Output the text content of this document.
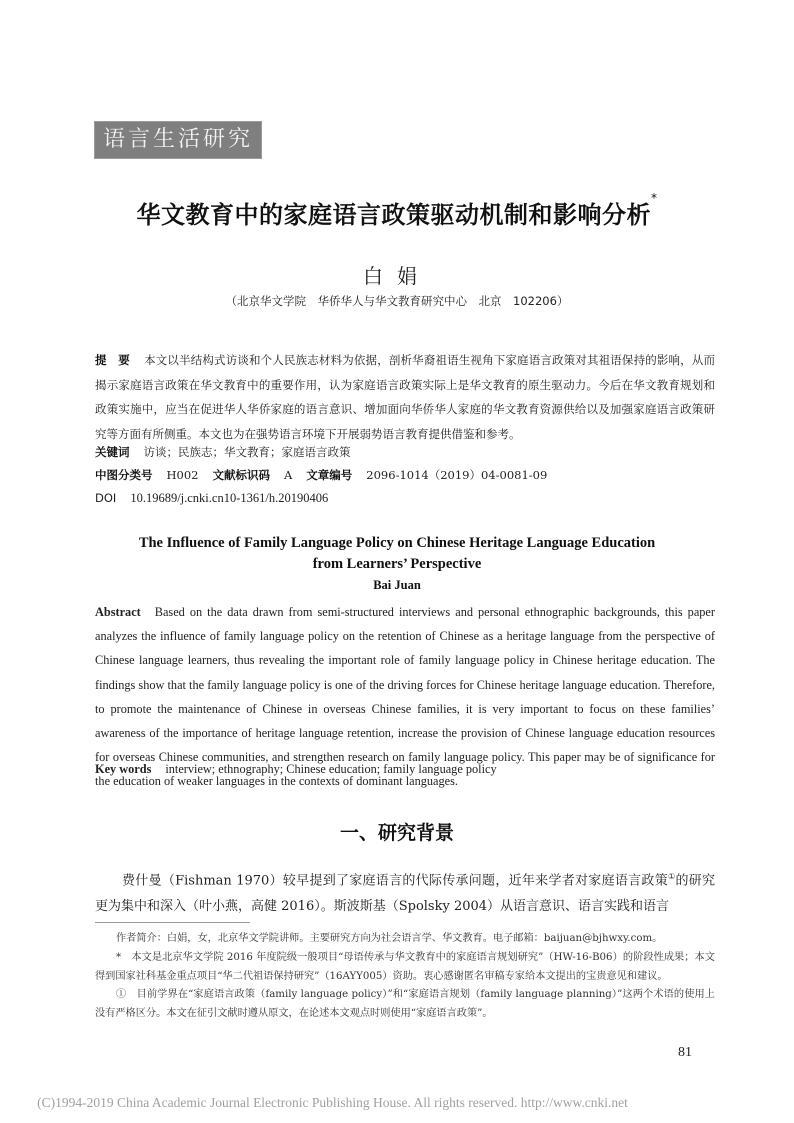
语言生活研究
华文教育中的家庭语言政策驱动机制和影响分析*
白娟
（北京华文学院　华侨华人与华文教育研究中心　北京　102206）
提　要 本文以半结构式访谈和个人民族志材料为依据，剖析华裔祖语生视角下家庭语言政策对其祖语保持的影响，从而揭示家庭语言政策在华文教育中的重要作用，认为家庭语言政策实际上是华文教育的原生驱动力。今后在华文教育规划和政策实施中，应当在促进华人华侨家庭的语言意识、增加面向华侨华人家庭的华文教育资源供给以及加强家庭语言政策研究等方面有所侧重。本文也为在强势语言环境下开展弱势语言教育提供借鉴和参考。
关键词 访谈；民族志；华文教育；家庭语言政策
中图分类号 H002 文献标识码 A 文章编号 2096-1014（2019）04-0081-09
DOI 10.19689/j.cnki.cn10-1361/h.20190406
The Influence of Family Language Policy on Chinese Heritage Language Education
from Learners’ Perspective
Bai Juan
Abstract Based on the data drawn from semi-structured interviews and personal ethnographic backgrounds, this paper analyzes the influence of family language policy on the retention of Chinese as a heritage language from the perspective of Chinese language learners, thus revealing the important role of family language policy in Chinese heritage education. The findings show that the family language policy is one of the driving forces for Chinese heritage language education. Therefore, to promote the maintenance of Chinese in overseas Chinese families, it is very important to focus on these families’ awareness of the importance of heritage language retention, increase the provision of Chinese language education resources for overseas Chinese communities, and strengthen research on family language policy. This paper may be of significance for the education of weaker languages in the contexts of dominant languages.
Key words interview; ethnography; Chinese education; family language policy
一、研究背景
费什曼（Fishman 1970）较早提到了家庭语言的代际传承问题，近年来学者对家庭语言政策①的研究更为集中和深入（叶小燕，高健 2016）。斯波斯基（Spolsky 2004）从语言意识、语言实践和语言
作者简介：白娟，女，北京华文学院讲师。主要研究方向为社会语言学、华文教育。电子邮箱：baijuan@bjhwxy.com。
*　本文是北京华文学院 2016 年度院级一般项目“母语传承与华文教育中的家庭语言规划研究”（HW-16-B06）的阶段性成果；本文得到国家社科基金重点项目“华二代祖语保持研究”（16AYY005）资助。衷心感谢匿名审稿专家给本文提出的宝贵意见和建议。
①　目前学界在“家庭语言政策（family language policy）”和“家庭语言规划（family language planning）”这两个术语的使用上没有严格区分。本文在征引文献时遵从原文，在论述本文观点时则使用“家庭语言政策”。
81
(C)1994-2019 China Academic Journal Electronic Publishing House. All rights reserved. http://www.cnki.net
